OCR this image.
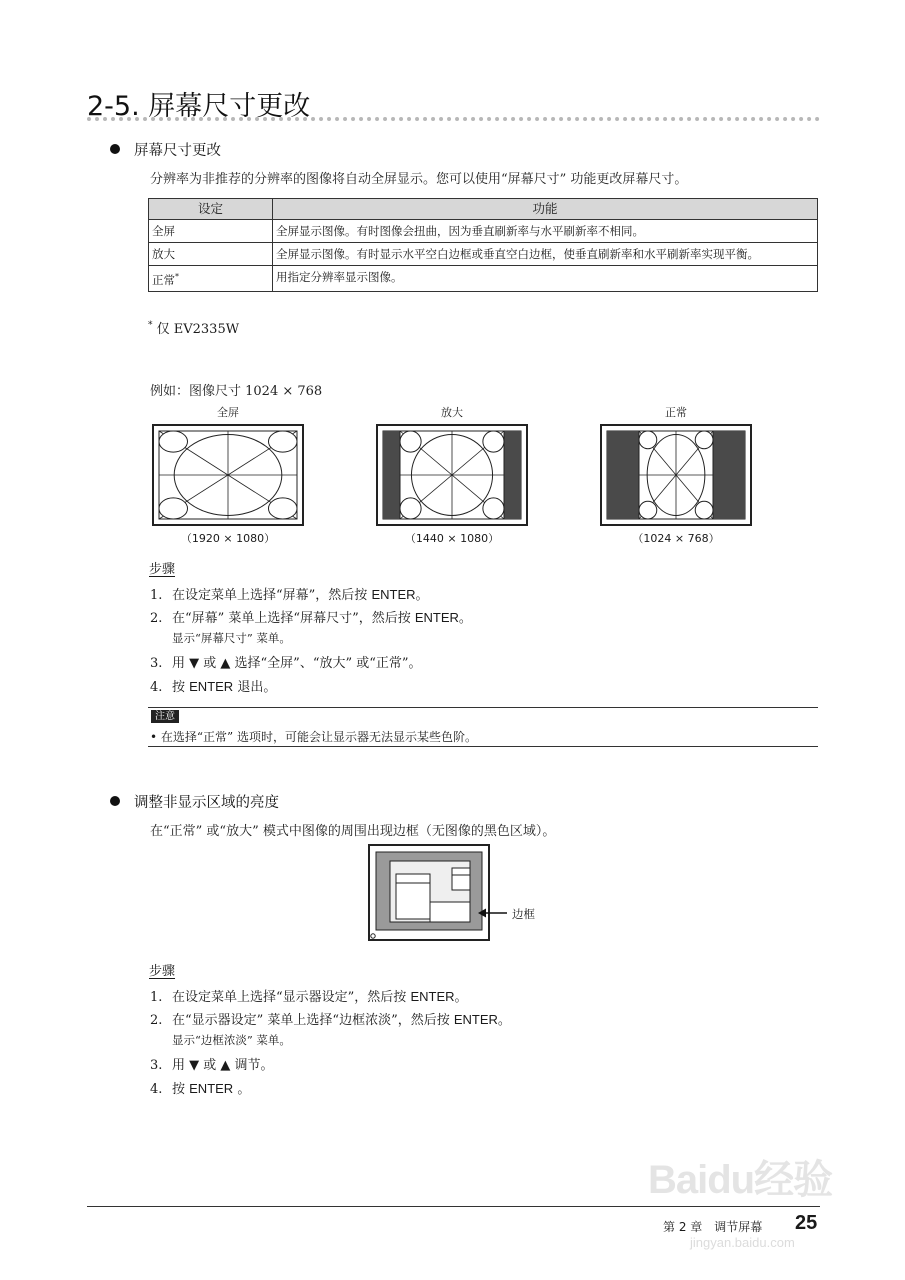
2-5. 屏幕尺寸更改
屏幕尺寸更改
分辨率为非推荐的分辨率的图像将自动全屏显示。您可以使用“屏幕尺寸” 功能更改屏幕尺寸。
设定	功能
全屏	全屏显示图像。有时图像会扭曲，因为垂直刷新率与水平刷新率不相同。
放大	全屏显示图像。有时显示水平空白边框或垂直空白边框，使垂直刷新率和水平刷新率实现平衡。
正常*	用指定分辨率显示图像。
* 仅 EV2335W
例如：图像尺寸 1024 × 768
全屏	放大	正常
（1920 × 1080）	（1440 × 1080）	（1024 × 768）
步骤
1. 在设定菜单上选择“屏幕”，然后按 ENTER。
2. 在“屏幕” 菜单上选择“屏幕尺寸”，然后按 ENTER。
显示“屏幕尺寸” 菜单。
3. 用 ▼ 或 ▲ 选择“全屏”、“放大” 或“正常”。
4. 按 ENTER 退出。
注意
• 在选择“正常” 选项时，可能会让显示器无法显示某些色阶。
调整非显示区域的亮度
在“正常” 或“放大” 模式中图像的周围出现边框（无图像的黑色区域）。
边框
步骤
1. 在设定菜单上选择“显示器设定”，然后按 ENTER。
2. 在“显示器设定” 菜单上选择“边框浓淡”，然后按 ENTER。
显示“边框浓淡” 菜单。
3. 用 ▼ 或 ▲ 调节。
4. 按 ENTER 。
Baidu经验
jingyan.baidu.com
第 2 章　调节屏幕 25
